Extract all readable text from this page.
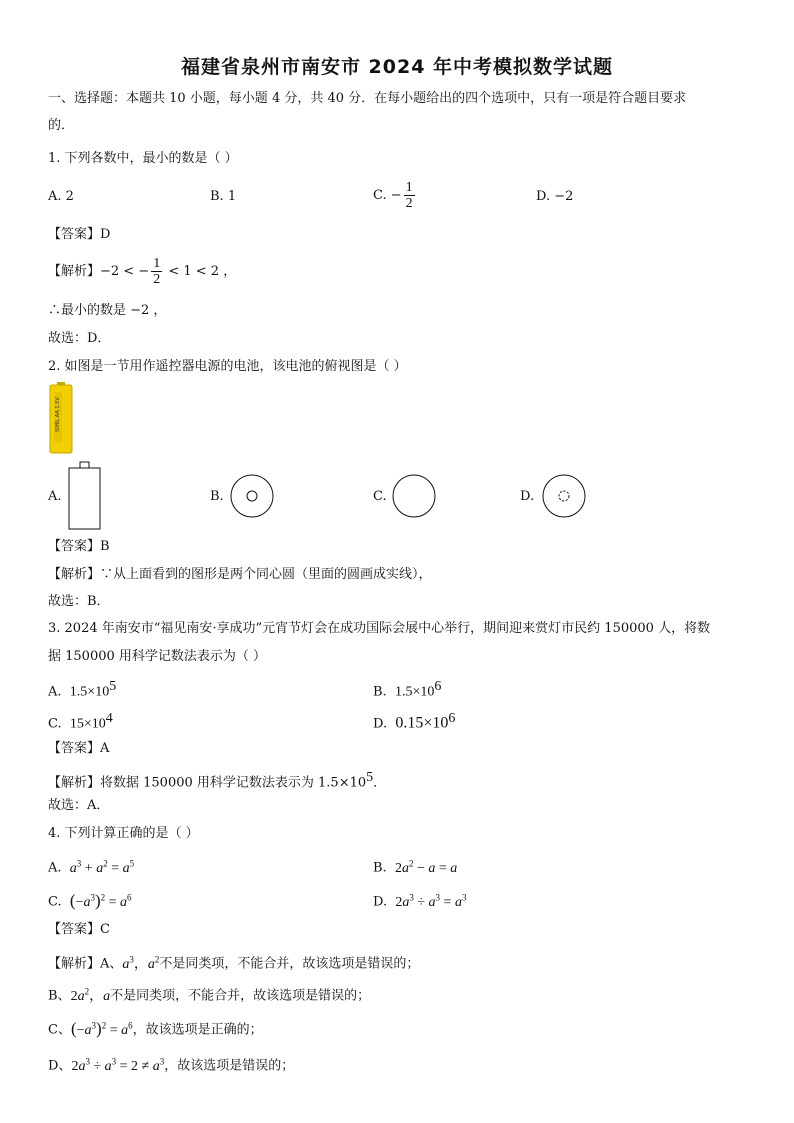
福建省泉州市南安市 2024 年中考模拟数学试题
一、选择题：本题共 10 小题，每小题 4 分，共 40 分．在每小题给出的四个选项中，只有一项是符合题目要求
的．
1. 下列各数中，最小的数是（ ）
A. 2	B. 1	C. − $\frac{1}{2}$	D. −2
【答案】D
【解析】−2 < − $\frac{1}{2} < 1 < 2$ ，
∴最小的数是 −2 ，
故选：D．
2. 如图是一节用作遥控器电源的电池，该电池的俯视图是（ ）
SIMIL AA 1.5V
A.	B.	C.	D.
【答案】B
【解析】∵从上面看到的图形是两个同心圆（里面的圆画成实线），
故选：B．
3. 2024 年南安市“福见南安·享成功”元宵节灯会在成功国际会展中心举行，期间迎来赏灯市民约 150000 人，将数
据 150000 用科学记数法表示为（ ）
A. $1.5\times 10^5$	B. $1.5\times 10^6$
C. $15\times 10^4$	D. $0.15\times 10^6$
【答案】A
【解析】将数据 150000 用科学记数法表示为 $1.5\times 10^5$．
故选：A．
4. 下列计算正确的是（ ）
A. $a^3 + a^2 = a^5$	B. $2a^2 - a = a$
C. $(-a^3)^2 = a^6$	D. $2a^3 \div a^3 = a^3$
【答案】C
【解析】A、$a^3$，$a^2$不是同类项，不能合并，故该选项是错误的；
B、$2a^2$，a不是同类项，不能合并，故该选项是错误的；
C、$(-a^3)^2 = a^6$，故该选项是正确的；
D、$2a^3 \div a^3 = 2 \ne a^3$，故该选项是错误的；
